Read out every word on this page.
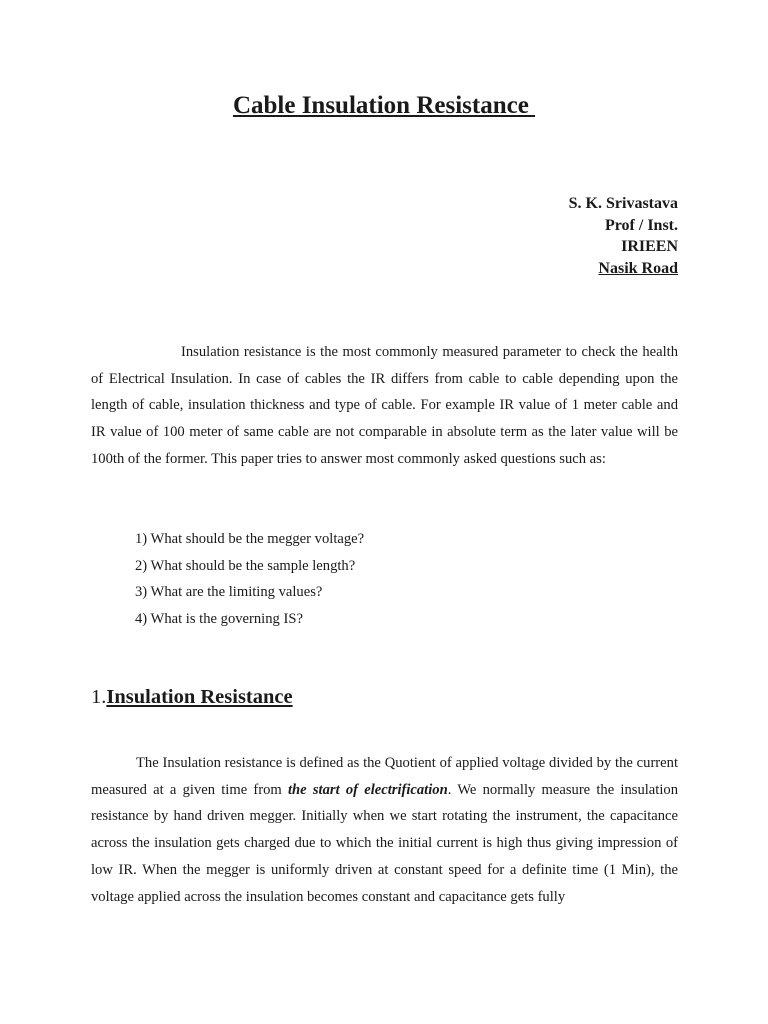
Cable Insulation Resistance
S. K. Srivastava
Prof / Inst.
IRIEEN
Nasik Road

Insulation resistance is the most commonly measured parameter to check the health of Electrical Insulation. In case of cables the IR differs from cable to cable depending upon the length of cable, insulation thickness and type of cable. For example IR value of 1 meter cable and IR value of 100 meter of same cable are not comparable in absolute term as the later value will be 100th of the former. This paper tries to answer most commonly asked questions such as:

1) What should be the megger voltage?
2) What should be the sample length?
3) What are the limiting values?
4) What is the governing IS?
1.Insulation Resistance

The Insulation resistance is defined as the Quotient of applied voltage divided by the current measured at a given time from the start of electrification. We normally measure the insulation resistance by hand driven megger. Initially when we start rotating the instrument, the capacitance across the insulation gets charged due to which the initial current is high thus giving impression of low IR. When the megger is uniformly driven at constant speed for a definite time (1 Min), the voltage applied across the insulation becomes constant and capacitance gets fully
